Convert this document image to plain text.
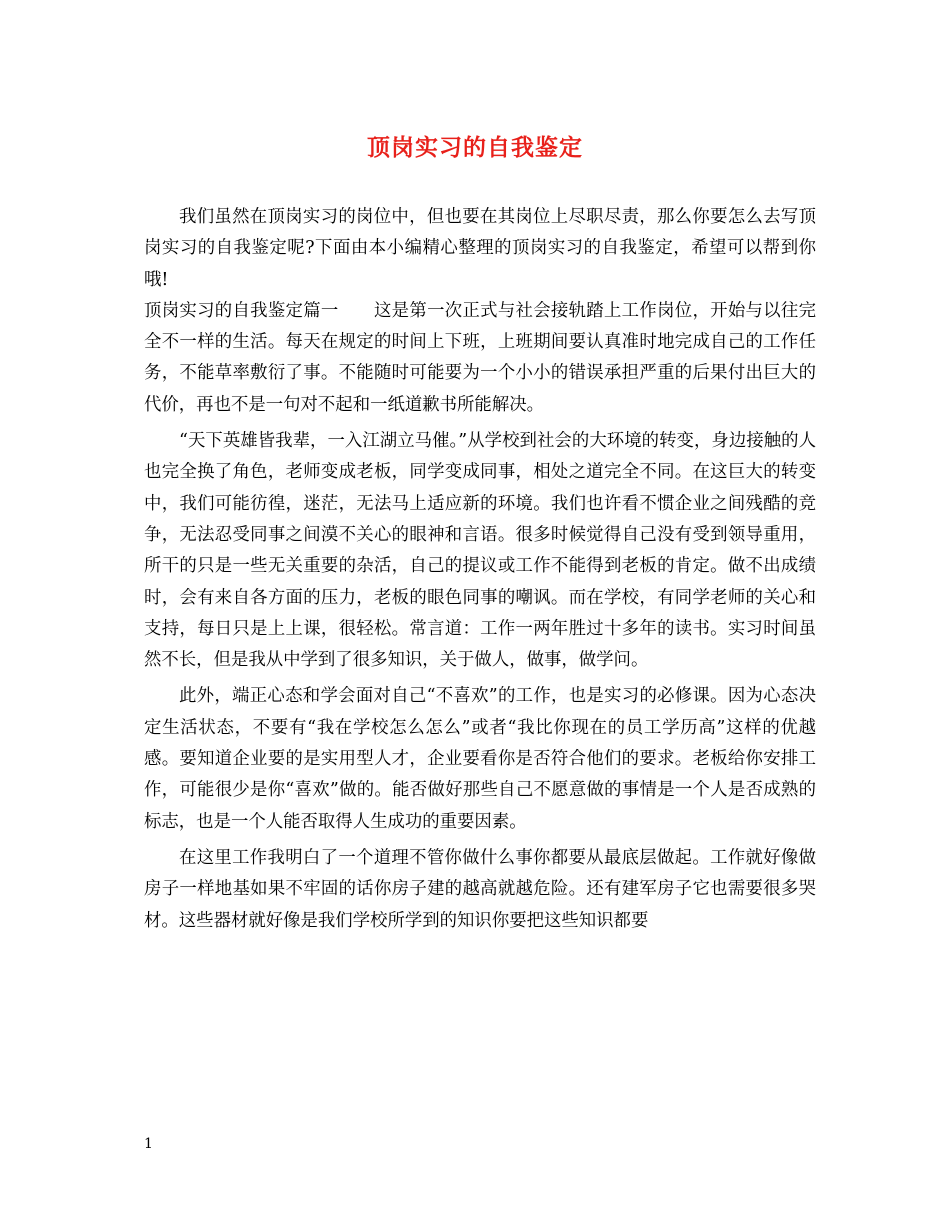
顶岗实习的自我鉴定

我们虽然在顶岗实习的岗位中，但也要在其岗位上尽职尽责，那么你要怎么去写顶岗实习的自我鉴定呢?下面由本小编精心整理的顶岗实习的自我鉴定，希望可以帮到你哦!

顶岗实习的自我鉴定篇一　　这是第一次正式与社会接轨踏上工作岗位，开始与以往完全不一样的生活。每天在规定的时间上下班，上班期间要认真准时地完成自己的工作任务，不能草率敷衍了事。不能随时可能要为一个小小的错误承担严重的后果付出巨大的代价，再也不是一句对不起和一纸道歉书所能解决。

“天下英雄皆我辈，一入江湖立马催。”从学校到社会的大环境的转变，身边接触的人也完全换了角色，老师变成老板，同学变成同事，相处之道完全不同。在这巨大的转变中，我们可能彷徨，迷茫，无法马上适应新的环境。我们也许看不惯企业之间残酷的竞争，无法忍受同事之间漠不关心的眼神和言语。很多时候觉得自己没有受到领导重用，所干的只是一些无关重要的杂活，自己的提议或工作不能得到老板的肯定。做不出成绩时，会有来自各方面的压力，老板的眼色同事的嘲讽。而在学校，有同学老师的关心和支持，每日只是上上课，很轻松。常言道：工作一两年胜过十多年的读书。实习时间虽然不长，但是我从中学到了很多知识，关于做人，做事，做学问。

此外，端正心态和学会面对自己“不喜欢”的工作，也是实习的必修课。因为心态决定生活状态，不要有“我在学校怎么怎么”或者“我比你现在的员工学历高”这样的优越感。要知道企业要的是实用型人才，企业要看你是否符合他们的要求。老板给你安排工作，可能很少是你“喜欢”做的。能否做好那些自己不愿意做的事情是一个人是否成熟的标志，也是一个人能否取得人生成功的重要因素。

在这里工作我明白了一个道理不管你做什么事你都要从最底层做起。工作就好像做房子一样地基如果不牢固的话你房子建的越高就越危险。还有建军房子它也需要很多哭材。这些器材就好像是我们学校所学到的知识你要把这些知识都要

1
